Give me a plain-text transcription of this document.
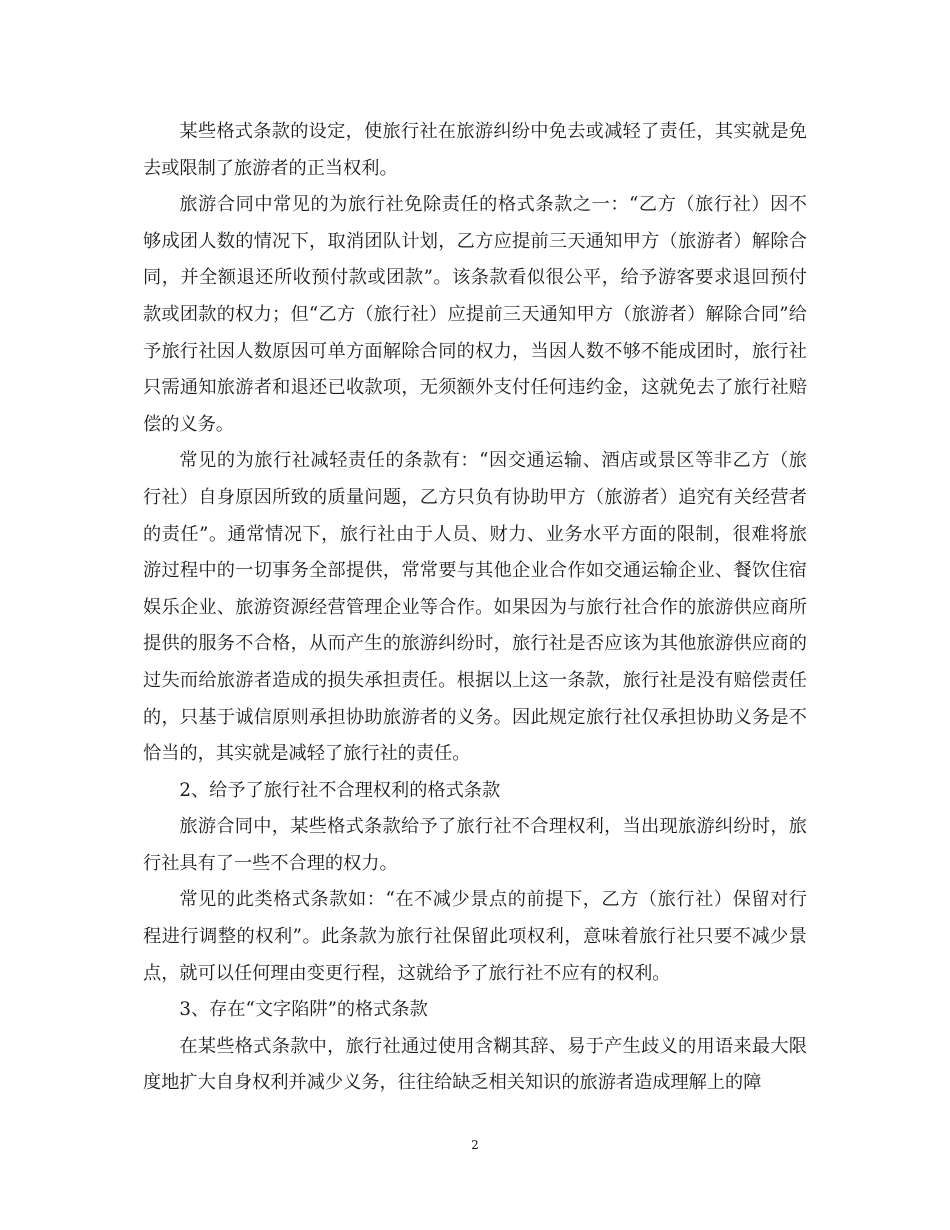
某些格式条款的设定，使旅行社在旅游纠纷中免去或减轻了责任，其实就是免去或限制了旅游者的正当权利。

旅游合同中常见的为旅行社免除责任的格式条款之一：“乙方（旅行社）因不够成团人数的情况下，取消团队计划，乙方应提前三天通知甲方（旅游者）解除合同，并全额退还所收预付款或团款”。该条款看似很公平，给予游客要求退回预付款或团款的权力；但“乙方（旅行社）应提前三天通知甲方（旅游者）解除合同”给予旅行社因人数原因可单方面解除合同的权力，当因人数不够不能成团时，旅行社只需通知旅游者和退还已收款项，无须额外支付任何违约金，这就免去了旅行社赔偿的义务。

常见的为旅行社减轻责任的条款有：“因交通运输、酒店或景区等非乙方（旅行社）自身原因所致的质量问题，乙方只负有协助甲方（旅游者）追究有关经营者的责任”。通常情况下，旅行社由于人员、财力、业务水平方面的限制，很难将旅游过程中的一切事务全部提供，常常要与其他企业合作如交通运输企业、餐饮住宿娱乐企业、旅游资源经营管理企业等合作。如果因为与旅行社合作的旅游供应商所提供的服务不合格，从而产生的旅游纠纷时，旅行社是否应该为其他旅游供应商的过失而给旅游者造成的损失承担责任。根据以上这一条款，旅行社是没有赔偿责任的，只基于诚信原则承担协助旅游者的义务。因此规定旅行社仅承担协助义务是不恰当的，其实就是减轻了旅行社的责任。

2、给予了旅行社不合理权利的格式条款

旅游合同中，某些格式条款给予了旅行社不合理权利，当出现旅游纠纷时，旅行社具有了一些不合理的权力。

常见的此类格式条款如：“在不减少景点的前提下，乙方（旅行社）保留对行程进行调整的权利”。此条款为旅行社保留此项权利，意味着旅行社只要不减少景点，就可以任何理由变更行程，这就给予了旅行社不应有的权利。

3、存在“文字陷阱”的格式条款

在某些格式条款中，旅行社通过使用含糊其辞、易于产生歧义的用语来最大限度地扩大自身权利并减少义务，往往给缺乏相关知识的旅游者造成理解上的障

2
